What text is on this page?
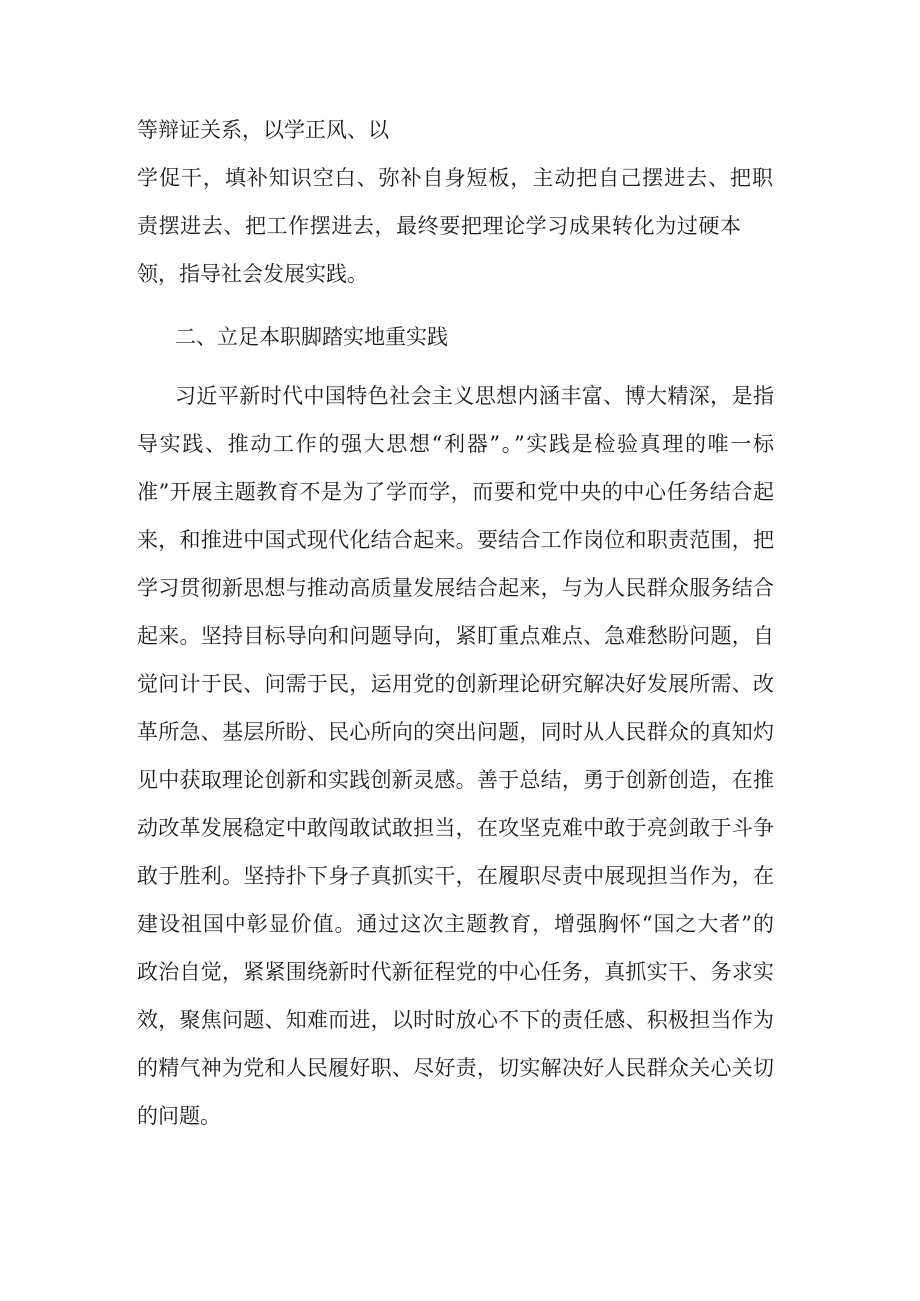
等辩证关系，以学正风、以
学促干，填补知识空白、弥补自身短板，主动把自己摆进去、把职
责摆进去、把工作摆进去，最终要把理论学习成果转化为过硬本
领，指导社会发展实践。
二、立足本职脚踏实地重实践
习近平新时代中国特色社会主义思想内涵丰富、博大精深，是指
导实践、推动工作的强大思想“利器”。”实践是检验真理的唯一标
准”开展主题教育不是为了学而学，而要和党中央的中心任务结合起
来，和推进中国式现代化结合起来。要结合工作岗位和职责范围，把
学习贯彻新思想与推动高质量发展结合起来，与为人民群众服务结合
起来。坚持目标导向和问题导向，紧盯重点难点、急难愁盼问题，自
觉问计于民、问需于民，运用党的创新理论研究解决好发展所需、改
革所急、基层所盼、民心所向的突出问题，同时从人民群众的真知灼
见中获取理论创新和实践创新灵感。善于总结，勇于创新创造，在推
动改革发展稳定中敢闯敢试敢担当，在攻坚克难中敢于亮剑敢于斗争
敢于胜利。坚持扑下身子真抓实干，在履职尽责中展现担当作为，在
建设祖国中彰显价值。通过这次主题教育，增强胸怀“国之大者”的
政治自觉，紧紧围绕新时代新征程党的中心任务，真抓实干、务求实
效，聚焦问题、知难而进，以时时放心不下的责任感、积极担当作为
的精气神为党和人民履好职、尽好责，切实解决好人民群众关心关切
的问题。
